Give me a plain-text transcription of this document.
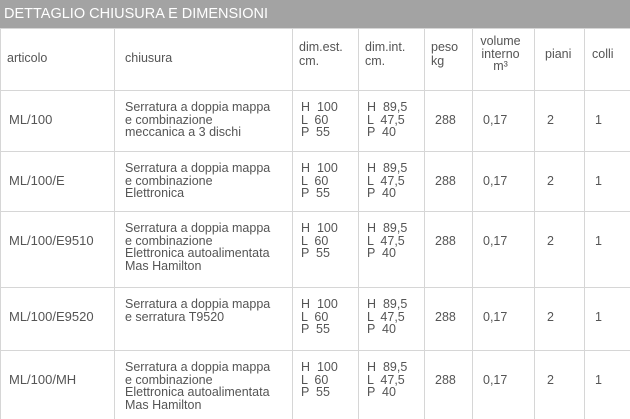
DETTAGLIO CHIUSURA E DIMENSIONI
articolo	chiusura	dim.est.
cm.	dim.int.
cm.	peso
kg	volume
interno
m³	piani	colli

ML/100	Serratura a doppia mappa
e combinazione
meccanica a 3 dischi	H  100
L  60
P  55	H  89,5
L  47,5
P  40	288	0,17	2	1

ML/100/E	Serratura a doppia mappa
e combinazione
Elettronica	H  100
L  60
P  55	H  89,5
L  47,5
P  40	288	0,17	2	1

ML/100/E9510	Serratura a doppia mappa
e combinazione
Elettronica autoalimentata
Mas Hamilton	H  100
L  60
P  55	H  89,5
L  47,5
P  40	288	0,17	2	1

ML/100/E9520	Serratura a doppia mappa
e serratura T9520	H  100
L  60
P  55	H  89,5
L  47,5
P  40	288	0,17	2	1

ML/100/MH	Serratura a doppia mappa
e combinazione
Elettronica autoalimentata
Mas Hamilton	H  100
L  60
P  55	H  89,5
L  47,5
P  40	288	0,17	2	1
